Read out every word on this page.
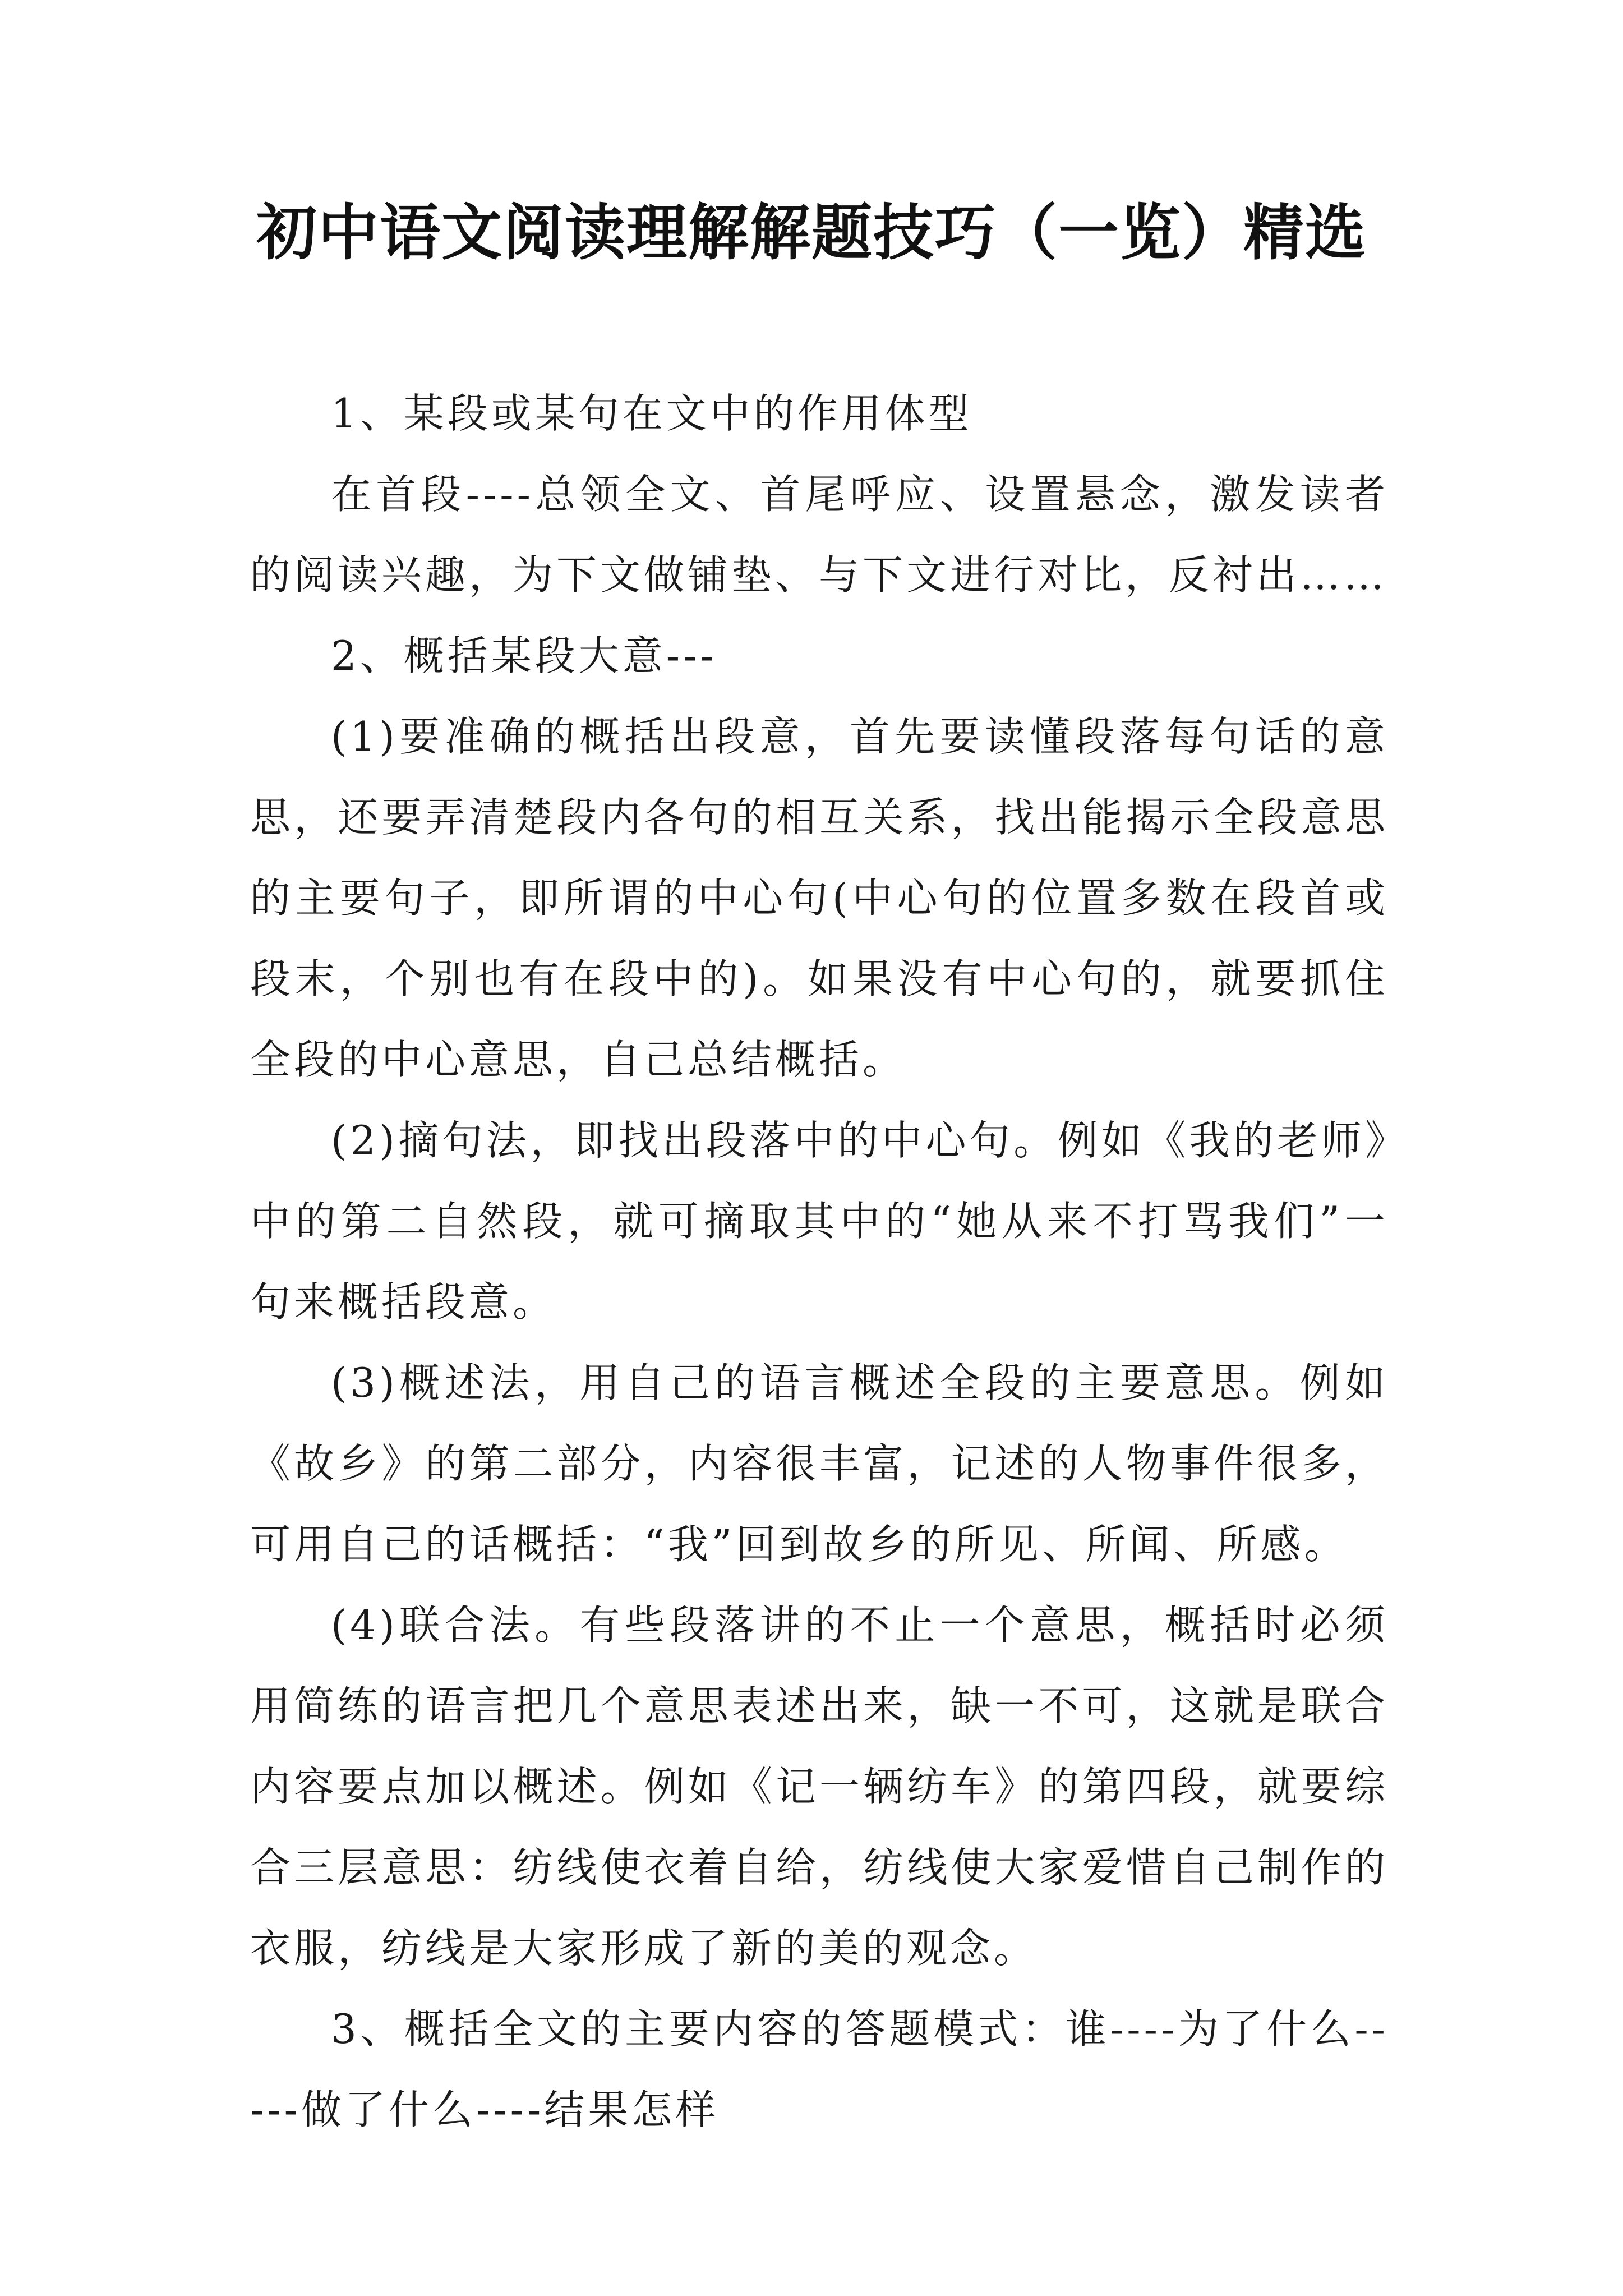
初中语文阅读理解解题技巧（一览）精选

1、某段或某句在文中的作用体型

在首段----总领全文、首尾呼应、设置悬念，激发读者的阅读兴趣，为下文做铺垫、与下文进行对比，反衬出……

2、概括某段大意---

(1)要准确的概括出段意，首先要读懂段落每句话的意思，还要弄清楚段内各句的相互关系，找出能揭示全段意思的主要句子，即所谓的中心句(中心句的位置多数在段首或段末，个别也有在段中的)。如果没有中心句的，就要抓住全段的中心意思，自己总结概括。

(2)摘句法，即找出段落中的中心句。例如《我的老师》中的第二自然段，就可摘取其中的“她从来不打骂我们”一句来概括段意。

(3)概述法，用自己的语言概述全段的主要意思。例如《故乡》的第二部分，内容很丰富，记述的人物事件很多，可用自己的话概括：“我”回到故乡的所见、所闻、所感。

(4)联合法。有些段落讲的不止一个意思，概括时必须用简练的语言把几个意思表述出来，缺一不可，这就是联合内容要点加以概述。例如《记一辆纺车》的第四段，就要综合三层意思：纺线使衣着自给，纺线使大家爱惜自己制作的衣服，纺线是大家形成了新的美的观念。

3、概括全文的主要内容的答题模式：谁----为了什么-----做了什么----结果怎样
